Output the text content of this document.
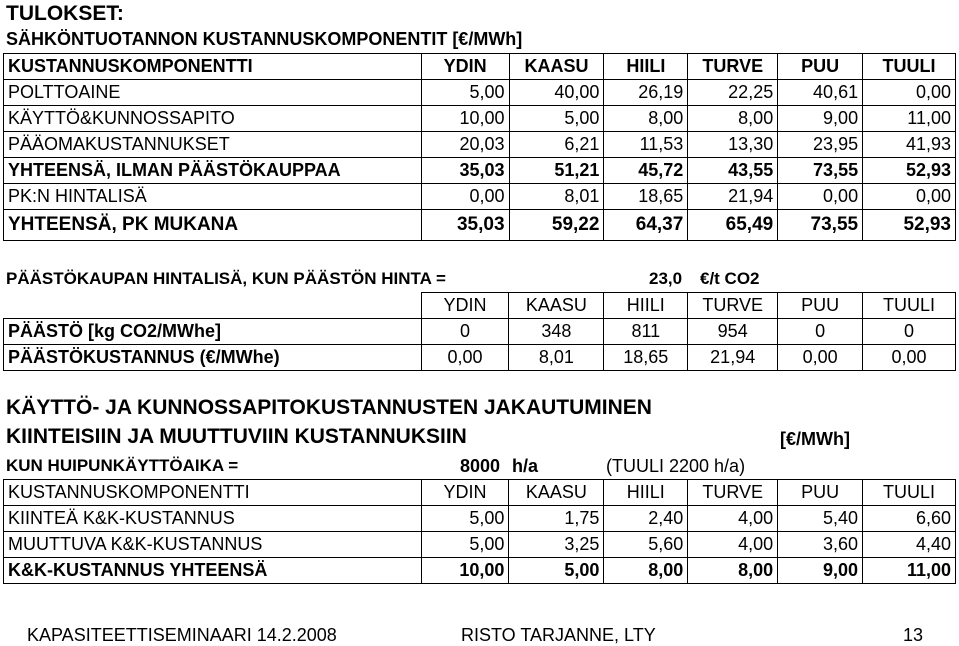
TULOKSET:
SÄHKÖNTUOTANNON KUSTANNUSKOMPONENTIT [€/MWh]
KUSTANNUSKOMPONENTTI	YDIN	KAASU	HIILI	TURVE	PUU	TUULI
POLTTOAINE	5,00	40,00	26,19	22,25	40,61	0,00
KÄYTTÖ&KUNNOSSAPITO	10,00	5,00	8,00	8,00	9,00	11,00
PÄÄOMAKUSTANNUKSET	20,03	6,21	11,53	13,30	23,95	41,93
YHTEENSÄ, ILMAN PÄÄSTÖKAUPPAA	35,03	51,21	45,72	43,55	73,55	52,93
PK:N HINTALISÄ	0,00	8,01	18,65	21,94	0,00	0,00
YHTEENSÄ, PK MUKANA	35,03	59,22	64,37	65,49	73,55	52,93
PÄÄSTÖKAUPAN HINTALISÄ, KUN PÄÄSTÖN HINTA =	23,0 €/t CO2
	YDIN	KAASU	HIILI	TURVE	PUU	TUULI
PÄÄSTÖ [kg CO2/MWhe]	0	348	811	954	0	0
PÄÄSTÖKUSTANNUS (€/MWhe)	0,00	8,01	18,65	21,94	0,00	0,00
KÄYTTÖ- JA KUNNOSSAPITOKUSTANNUSTEN JAKAUTUMINEN
KIINTEISIIN JA MUUTTUVIIN KUSTANNUKSIIN	[€/MWh]
KUN HUIPUNKÄYTTÖAIKA =	8000 h/a	(TUULI 2200 h/a)
KUSTANNUSKOMPONENTTI	YDIN	KAASU	HIILI	TURVE	PUU	TUULI
KIINTEÄ K&K-KUSTANNUS	5,00	1,75	2,40	4,00	5,40	6,60
MUUTTUVA K&K-KUSTANNUS	5,00	3,25	5,60	4,00	3,60	4,40
K&K-KUSTANNUS YHTEENSÄ	10,00	5,00	8,00	8,00	9,00	11,00
KAPASITEETTISEMINAARI 14.2.2008	RISTO TARJANNE, LTY	13
